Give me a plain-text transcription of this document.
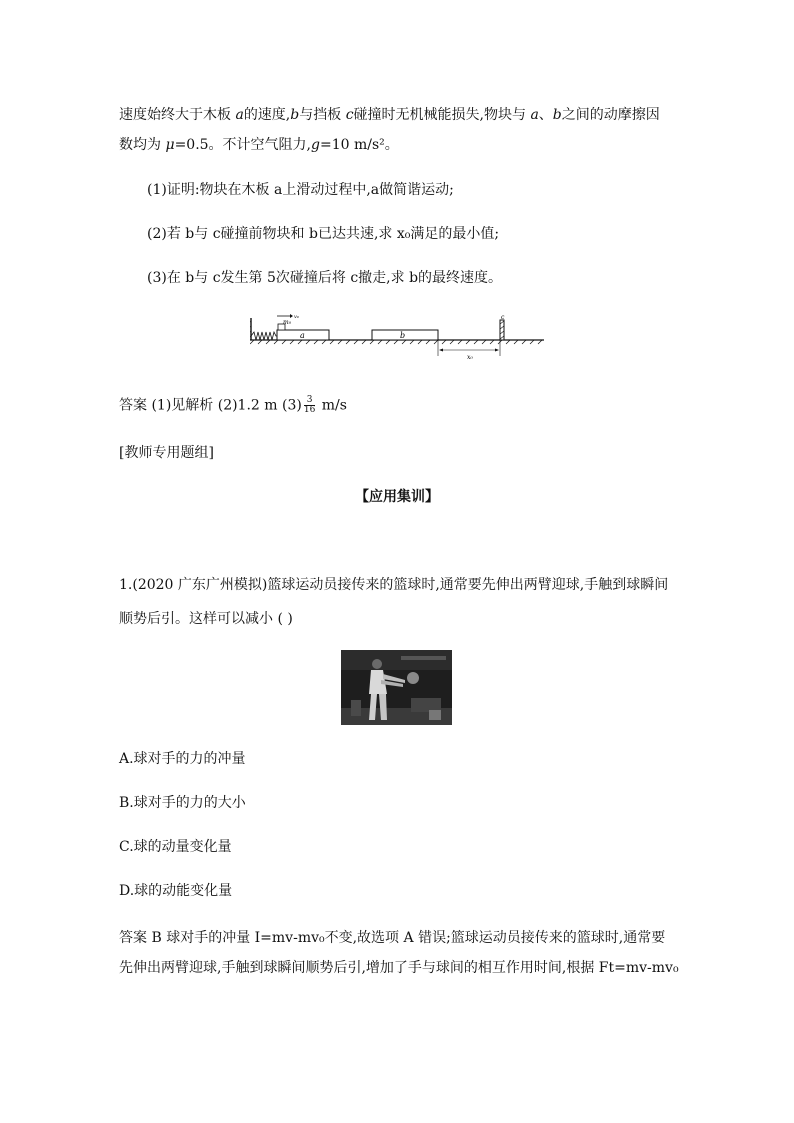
速度始终大于木板 a的速度,b与挡板 c碰撞时无机械能损失,物块与 a、b之间的动摩擦因
数均为 μ=0.5。不计空气阻力,g=10 m/s²。
(1)证明:物块在木板 a上滑动过程中,a做简谐运动;
(2)若 b与 c碰撞前物块和 b已达共速,求 x₀满足的最小值;
(3)在 b与 c发生第 5次碰撞后将 c撤走,求 b的最终速度。
a
m₀
v₀
b
c
x₀
答案 (1)见解析 (2)1.2 m $(3) \frac{3}{16} m/s$
[教师专用题组]
【应用集训】
1.(2020 广东广州模拟)篮球运动员接传来的篮球时,通常要先伸出两臂迎球,手触到球瞬间
顺势后引。这样可以减小 ( )
A.球对手的力的冲量
B.球对手的力的大小
C.球的动量变化量
D.球的动能变化量
答案 B 球对手的冲量 I=mv-mv₀不变,故选项 A 错误;篮球运动员接传来的篮球时,通常要
先伸出两臂迎球,手触到球瞬间顺势后引,增加了手与球间的相互作用时间,根据 Ft=mv-mv₀
